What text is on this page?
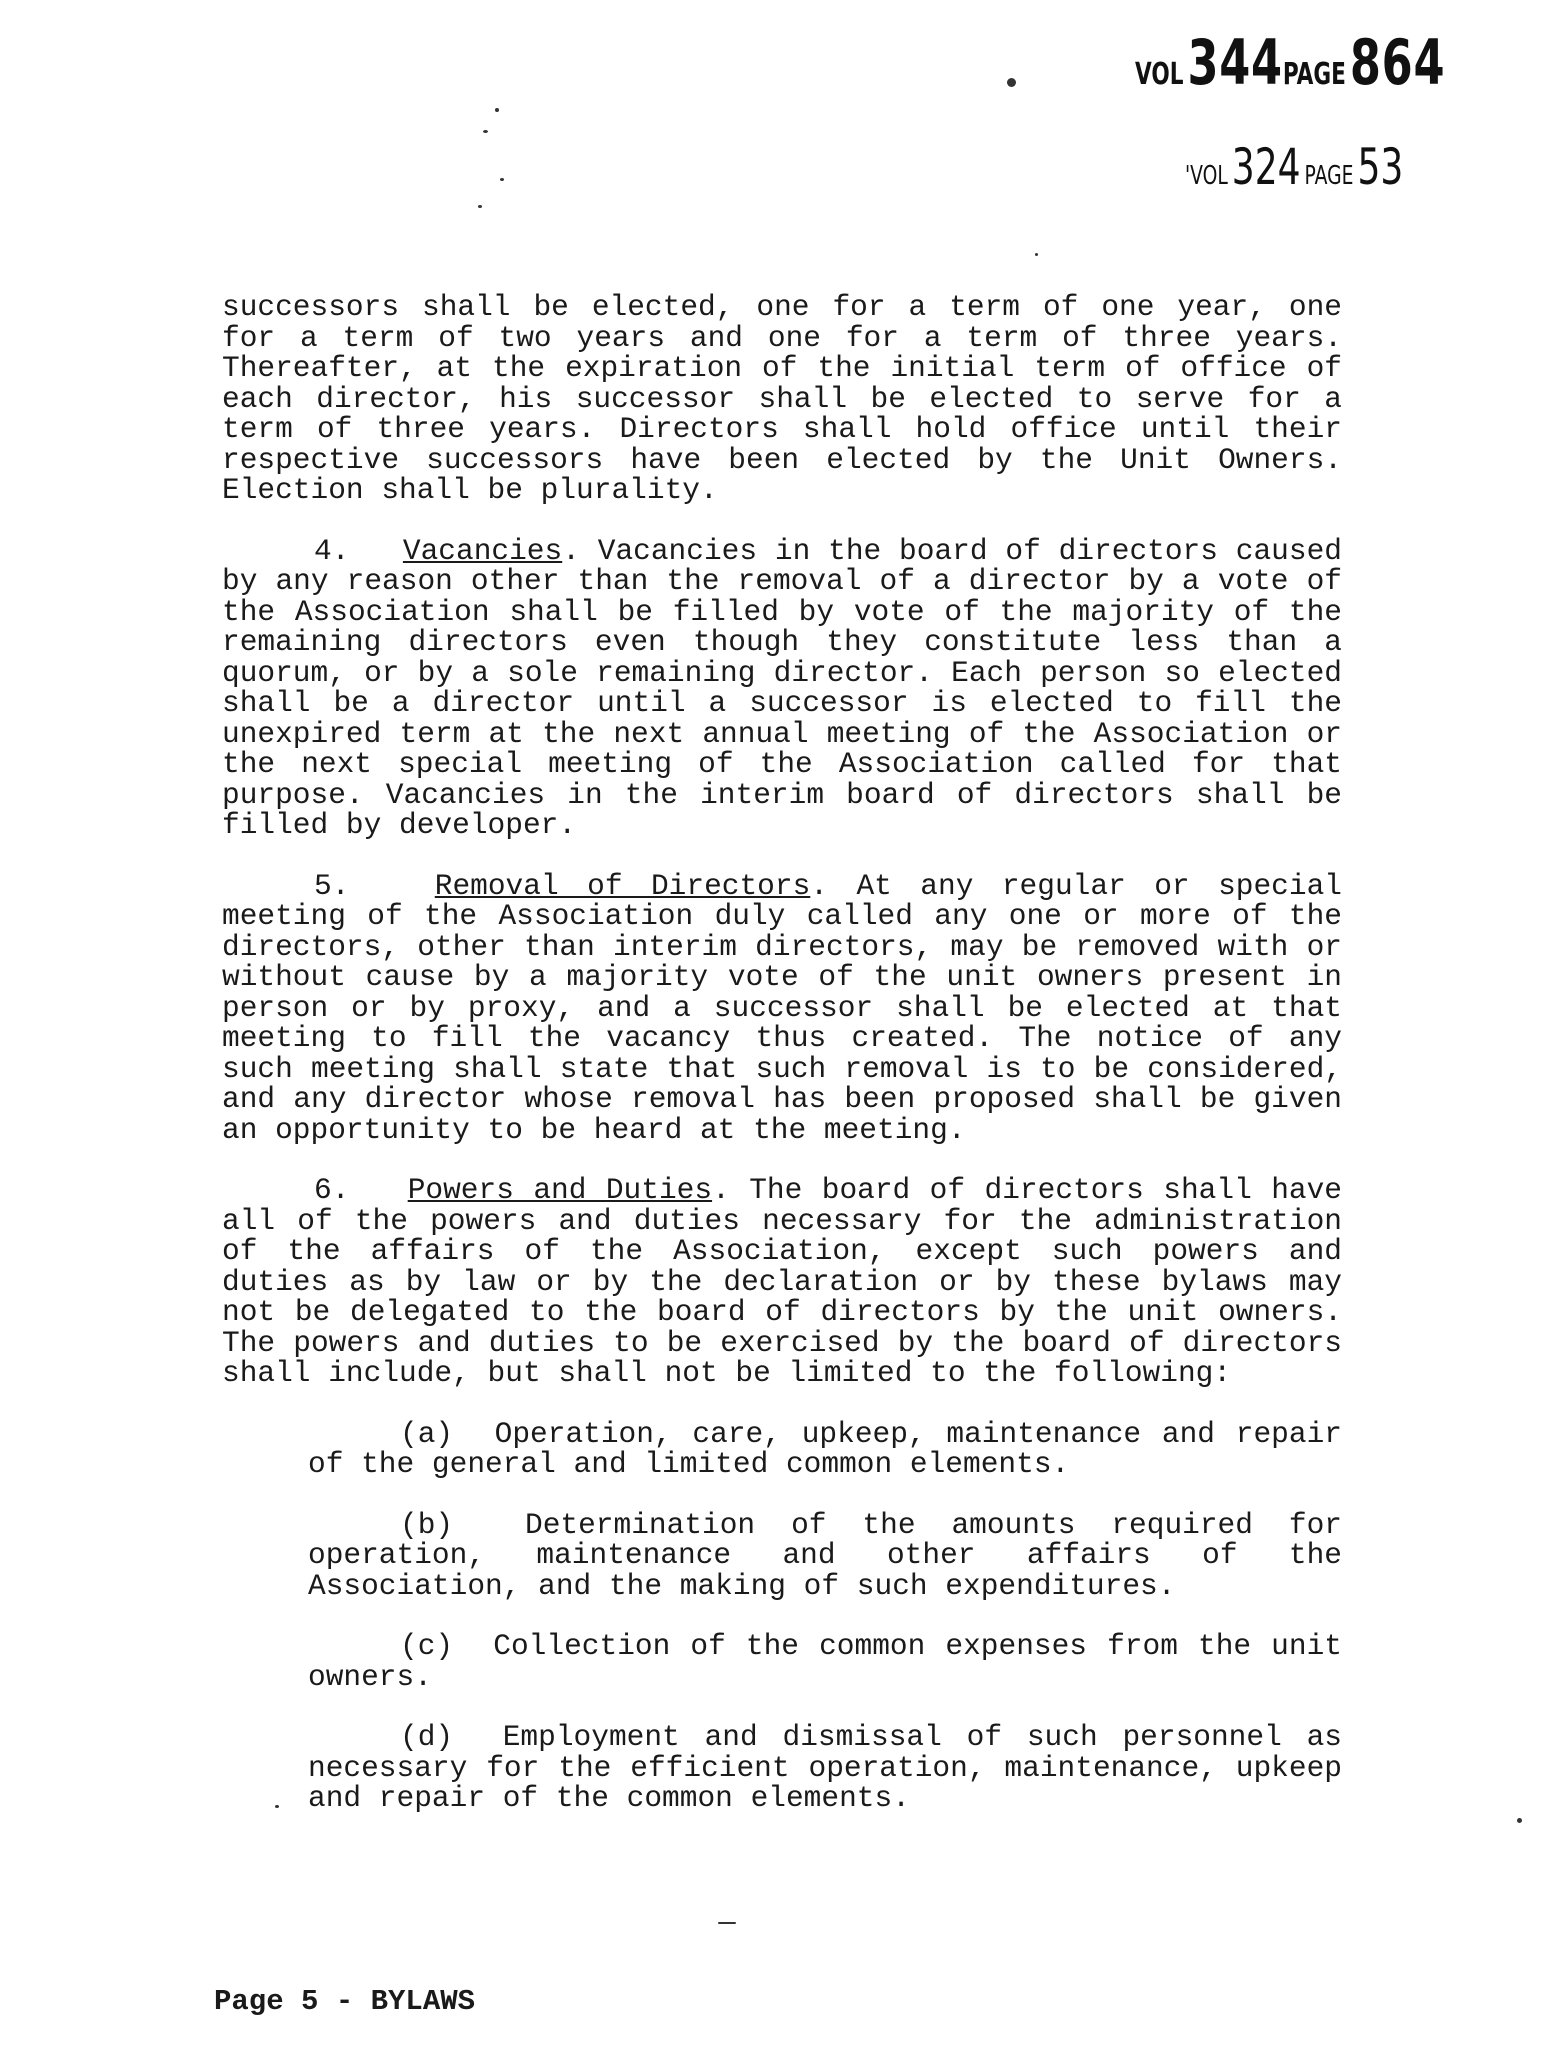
VOL 344PAGE 864
'VOL 324 PAGE 53

successors shall be elected, one for a term of one year, one for a term of two years and one for a term of three years. Thereafter, at the expiration of the initial term of office of each director, his successor shall be elected to serve for a term of three years. Directors shall hold office until their respective successors have been elected by the Unit Owners. Election shall be plurality.

4. Vacancies. Vacancies in the board of directors caused by any reason other than the removal of a director by a vote of the Association shall be filled by vote of the majority of the remaining directors even though they constitute less than a quorum, or by a sole remaining director. Each person so elected shall be a director until a successor is elected to fill the unexpired term at the next annual meeting of the Association or the next special meeting of the Association called for that purpose. Vacancies in the interim board of directors shall be filled by developer.

5.	Removal of Directors. At any regular or special meeting of the Association duly called any one or more of the directors, other than interim directors, may be removed with or without cause by a majority vote of the unit owners present in person or by proxy, and a successor shall be elected at that meeting to fill the vacancy thus created. The notice of any such meeting shall state that such removal is to be considered, and any director whose removal has been proposed shall be given an opportunity to be heard at the meeting.

6. Powers and Duties. The board of directors shall have all of the powers and duties necessary for the administration of the affairs of the Association, except such powers and duties as by law or by the declaration or by these bylaws may not be delegated to the board of directors by the unit owners. The powers and duties to be exercised by the board of directors shall include, but shall not be limited to the following:

(a) Operation, care, upkeep, maintenance and repair of the general and limited common elements.

(b) Determination of the amounts required for operation, maintenance and other affairs of the Association, and the making of such expenditures.

(c) Collection of the common expenses from the unit owners.

(d) Employment and dismissal of such personnel as necessary for the efficient operation, maintenance, upkeep and repair of the common elements.

Page 5 - BYLAWS
